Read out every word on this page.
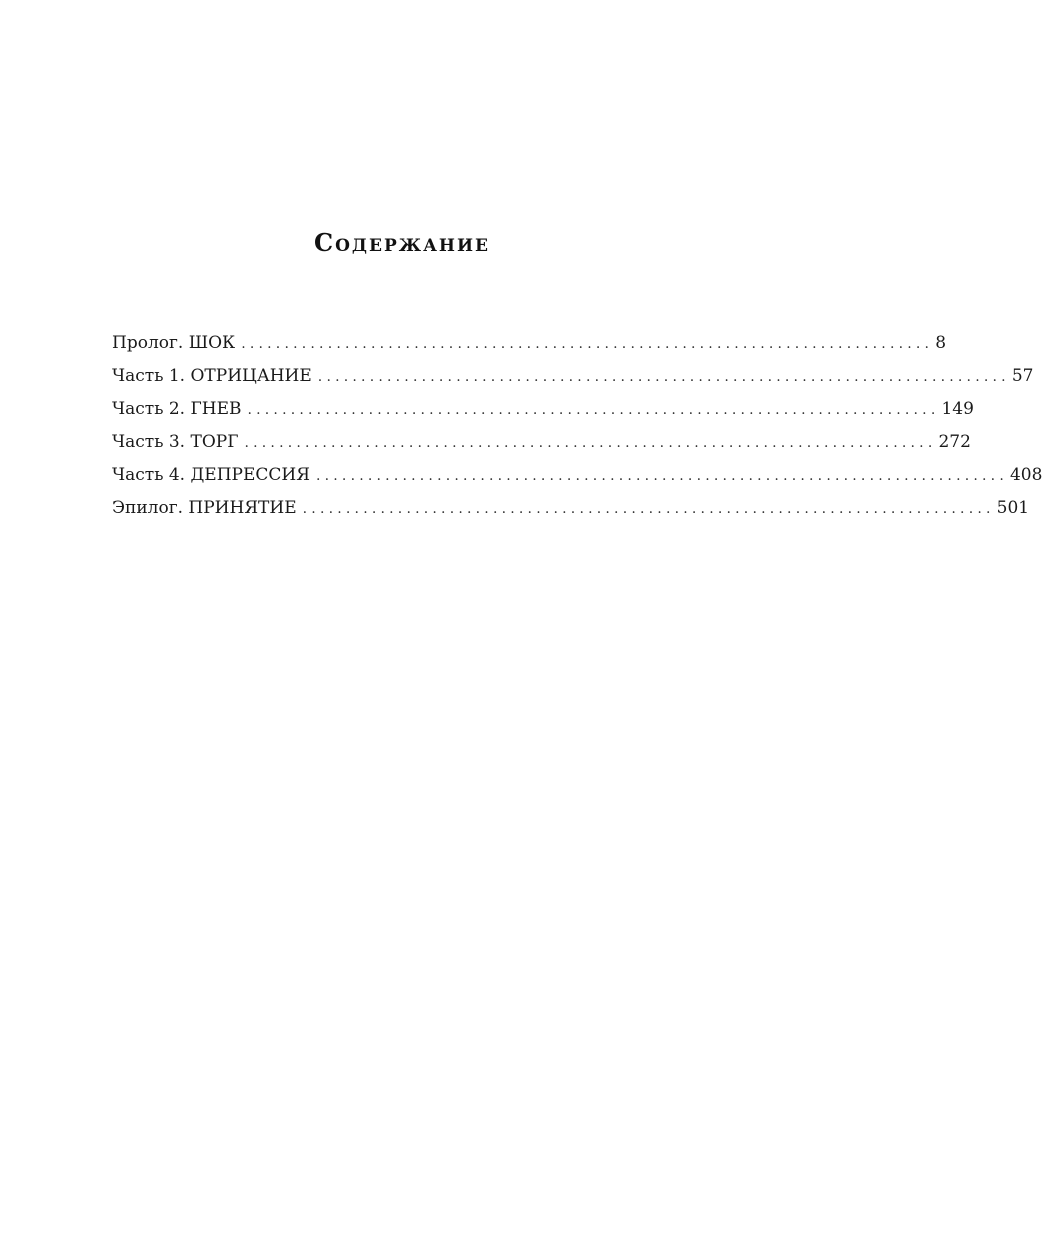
Содержание
Пролог. ШОК ................................................................................ 8
Часть 1. ОТРИЦАНИЕ ................................................................................ 57
Часть 2. ГНЕВ ................................................................................ 149
Часть 3. ТОРГ ................................................................................ 272
Часть 4. ДЕПРЕССИЯ ................................................................................ 408
Эпилог. ПРИНЯТИЕ ................................................................................ 501
